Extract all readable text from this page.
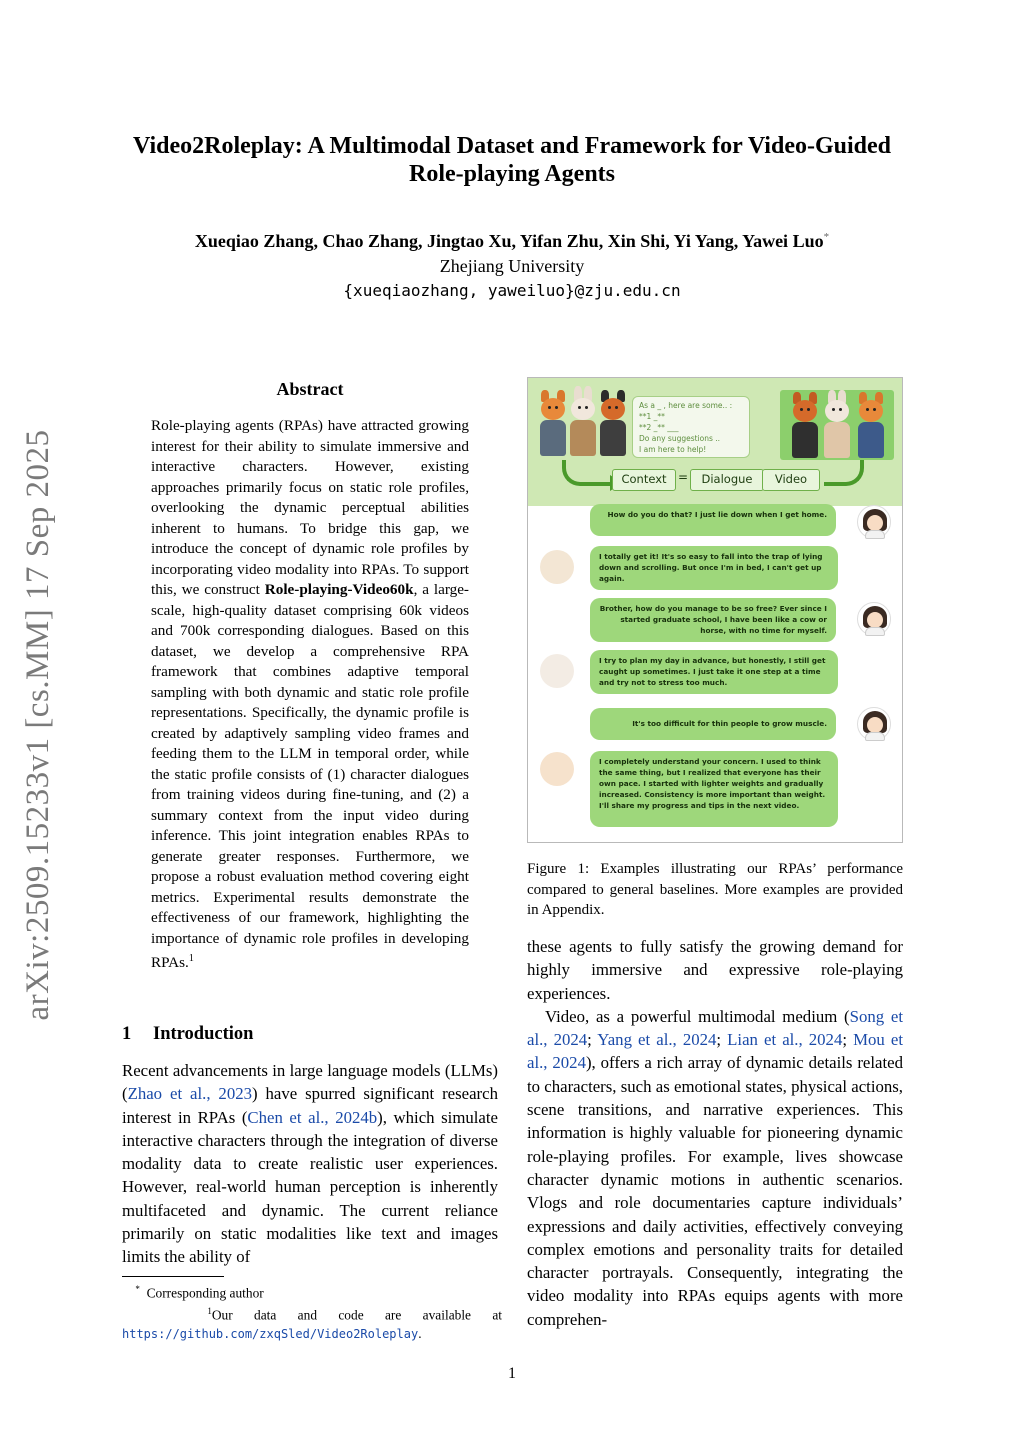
arXiv:2509.15233v1 [cs.MM] 17 Sep 2025
Video2Roleplay: A Multimodal Dataset and Framework for Video-Guided
Role-playing Agents
Xueqiao Zhang, Chao Zhang, Jingtao Xu, Yifan Zhu, Xin Shi, Yi Yang, Yawei Luo*
Zhejiang University
{xueqiaozhang, yaweiluo}@zju.edu.cn
Abstract
Role-playing agents (RPAs) have attracted growing interest for their ability to simulate immersive and interactive characters. However, existing approaches primarily focus on static role profiles, overlooking the dynamic perceptual abilities inherent to humans. To bridge this gap, we introduce the concept of dynamic role profiles by incorporating video modality into RPAs. To support this, we construct Role-playing-Video60k, a large-scale, high-quality dataset comprising 60k videos and 700k corresponding dialogues. Based on this dataset, we develop a comprehensive RPA framework that combines adaptive temporal sampling with both dynamic and static role profile representations. Specifically, the dynamic profile is created by adaptively sampling video frames and feeding them to the LLM in temporal order, while the static profile consists of (1) character dialogues from training videos during fine-tuning, and (2) a summary context from the input video during inference. This joint integration enables RPAs to generate greater responses. Furthermore, we propose a robust evaluation method covering eight metrics. Experimental results demonstrate the effectiveness of our framework, highlighting the importance of dynamic role profiles in developing RPAs.$^1$
1 Introduction
Recent advancements in large language models (LLMs) (Zhao et al., 2023) have spurred significant research interest in RPAs (Chen et al., 2024b), which simulate interactive characters through the integration of diverse modality data to create realistic user experiences. However, real-world human perception is inherently multifaceted and dynamic. The current reliance primarily on static modalities like text and images limits the ability of
* Corresponding author
$^1$Our data and code are available at https://github.com/zxqSled/Video2Roleplay.
As a _ , here are some.. :
**1 _**
**2 _** ___
Do any suggestions ..
I am here to help!
Context =	Dialogue	Video
How do you do that? I just lie down when I get home.
I totally get it! It's so easy to fall into the trap of lying down and scrolling. But once I'm in bed, I can't get up again.
Brother, how do you manage to be so free? Ever since I started graduate school, I have been like a cow or horse, with no time for myself.
I try to plan my day in advance, but honestly, I still get caught up sometimes. I just take it one step at a time and try not to stress too much.
It's too difficult for thin people to grow muscle.
I completely understand your concern. I used to think the same thing, but I realized that everyone has their own pace. I started with lighter weights and gradually increased. Consistency is more important than weight. I'll share my progress and tips in the next video.
Figure 1: Examples illustrating our RPAs’ performance compared to general baselines. More examples are provided in Appendix.

these agents to fully satisfy the growing demand for highly immersive and expressive role-playing experiences.

Video, as a powerful multimodal medium (Song et al., 2024; Yang et al., 2024; Lian et al., 2024; Mou et al., 2024), offers a rich array of dynamic details related to characters, such as emotional states, physical actions, scene transitions, and narrative experiences. This information is highly valuable for pioneering dynamic role-playing profiles. For example, lives showcase character dynamic motions in authentic scenarios. Vlogs and role documentaries capture individuals’ expressions and daily activities, effectively conveying complex emotions and personality traits for detailed character portrayals. Consequently, integrating the video modality into RPAs equips agents with more comprehen-

1
